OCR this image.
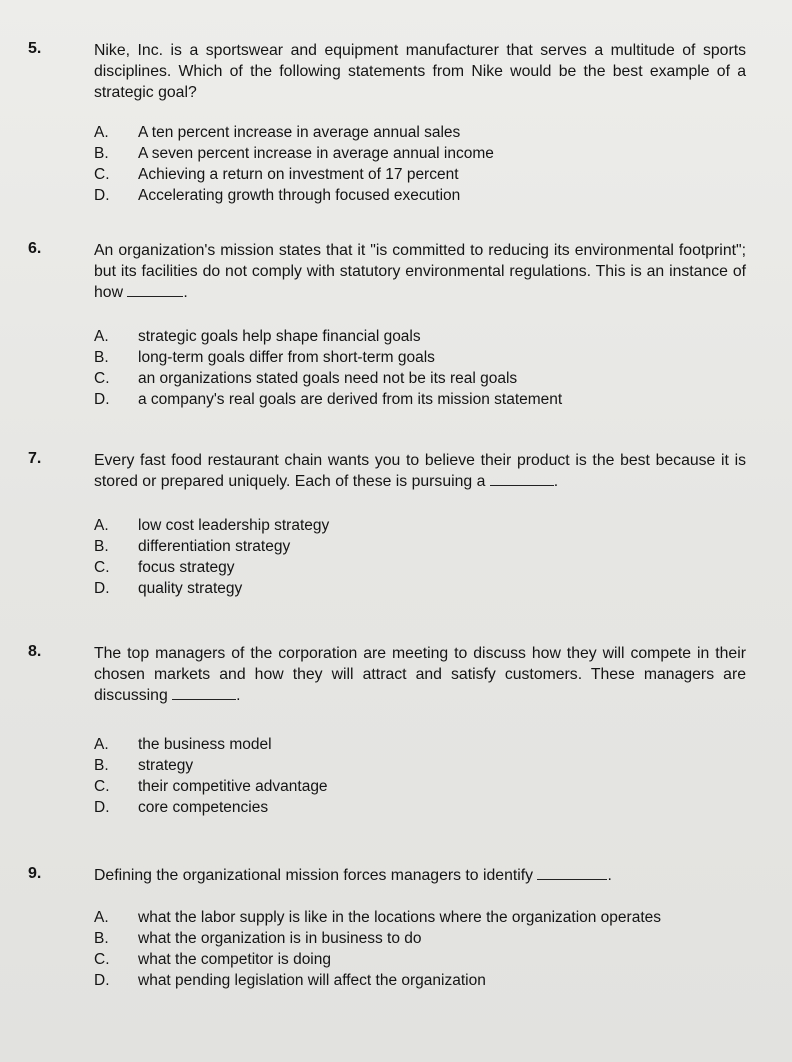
5.	Nike, Inc. is a sportswear and equipment manufacturer that serves a multitude of sports disciplines. Which of the following statements from Nike would be the best example of a strategic goal?
A. A ten percent increase in average annual sales
B. A seven percent increase in average annual income
C. Achieving a return on investment of 17 percent
D. Accelerating growth through focused execution
6.	An organization's mission states that it "is committed to reducing its environmental footprint"; but its facilities do not comply with statutory environmental regulations. This is an instance of how	.
A. strategic goals help shape financial goals
B. long-term goals differ from short-term goals
C. an organizations stated goals need not be its real goals
D. a company's real goals are derived from its mission statement
7.	Every fast food restaurant chain wants you to believe their product is the best because it is stored or prepared uniquely. Each of these is pursuing a	.
A. low cost leadership strategy
B. differentiation strategy
C. focus strategy
D. quality strategy
8.	The top managers of the corporation are meeting to discuss how they will compete in their chosen markets and how they will attract and satisfy customers. These managers are discussing	.
A. the business model
B. strategy
C. their competitive advantage
D. core competencies
9.	Defining the organizational mission forces managers to identify	.
A. what the labor supply is like in the locations where the organization operates
B. what the organization is in business to do
C. what the competitor is doing
D. what pending legislation will affect the organization
